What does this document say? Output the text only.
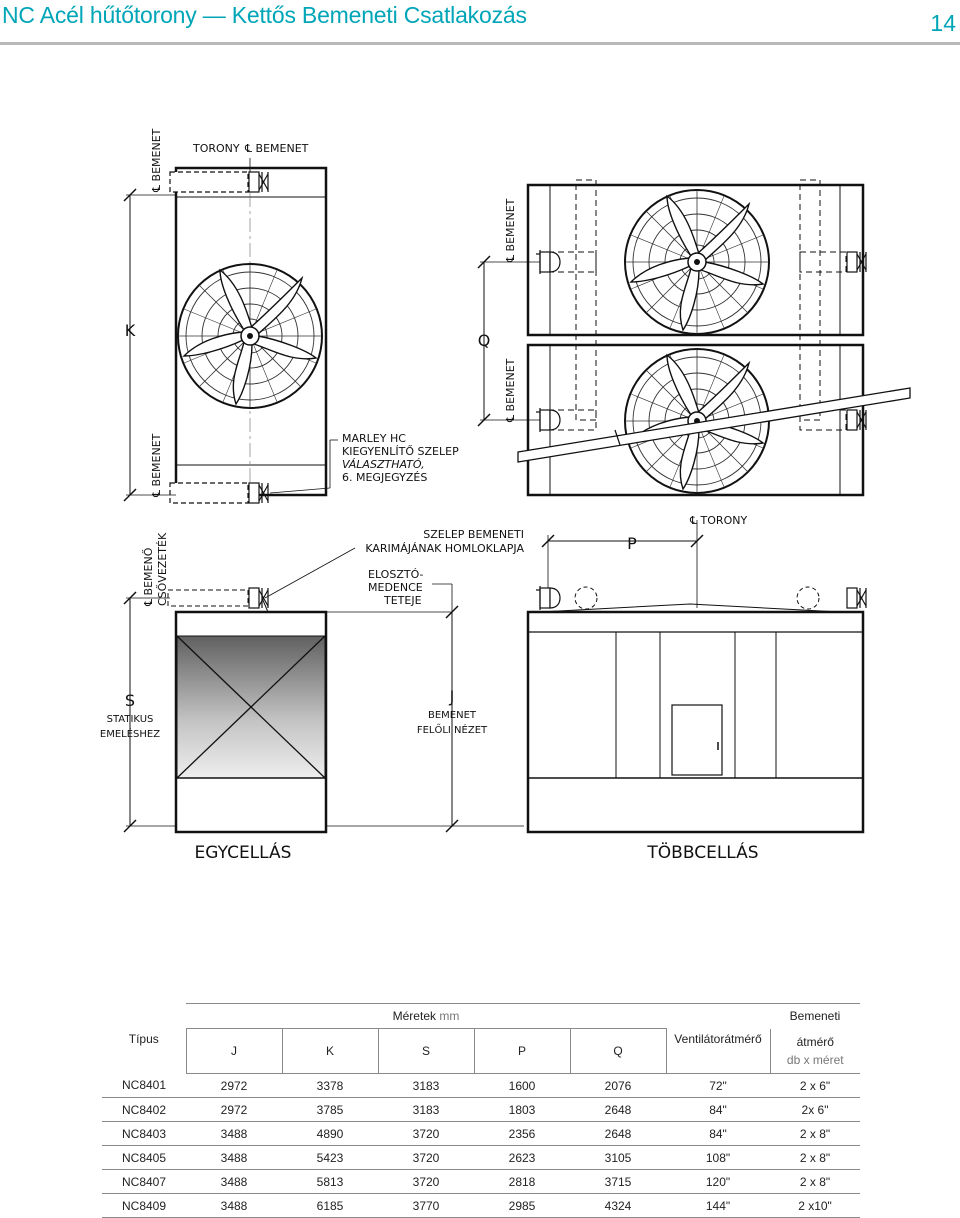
NC Acél hűtőtorony — Kettős Bemeneti Csatlakozás	14
K
℄ BEMENET
℄ BEMENET
TORONY ℄ BEMENET
MARLEY HC
KIEGYENLÍTŐ SZELEP
VÁLASZTHATÓ,
6. MEGJEGYZÉS
Q
℄ BEMENET
℄ BEMENET
S
STATIKUS
EMELÉSHEZ
℄ BEMENŐ CSŐVEZETÉK	SZELEP BEMENETI
KARIMÁJÁNAK HOMLOKLAPJA
ELOSZTÓ-
MEDENCE
TETEJE
J
BEMENET
FELŐLI NÉZET
EGYCELLÁS
P
℄ TORONY
TÖBBCELLÁS
Típus	Méretek mm					Ventilátorátmérő	Bemeneti
	J	K	S	P	Q		átmérő
db x méret

NC8401	2972	3378	3183	1600	2076	72"	2 x 6"
NC8402	2972	3785	3183	1803	2648	84"	2x 6"
NC8403	3488	4890	3720	2356	2648	84"	2 x 8"
NC8405	3488	5423	3720	2623	3105	108"	2 x 8"
NC8407	3488	5813	3720	2818	3715	120"	2 x 8"
NC8409	3488	6185	3770	2985	4324	144"	2 x10"
